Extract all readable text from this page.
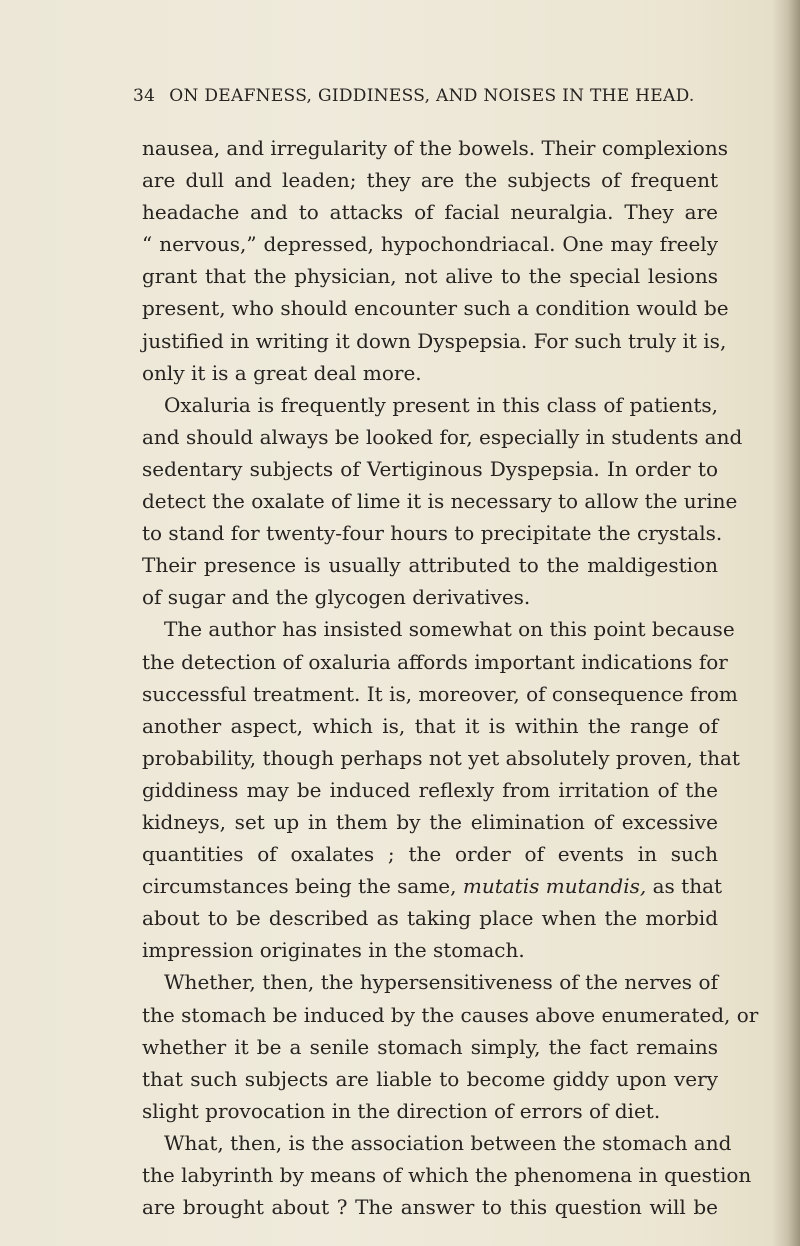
34 ON DEAFNESS, GIDDINESS, AND NOISES IN THE HEAD.
nausea, and irregularity of the bowels. Their complexions
are dull and leaden; they are the subjects of frequent
headache and to attacks of facial neuralgia. They are
“ nervous,” depressed, hypochondriacal. One may freely
grant that the physician, not alive to the special lesions
present, who should encounter such a condition would be
justified in writing it down Dyspepsia. For such truly it is,
only it is a great deal more.
Oxaluria is frequently present in this class of patients,
and should always be looked for, especially in students and
sedentary subjects of Vertiginous Dyspepsia. In order to
detect the oxalate of lime it is necessary to allow the urine
to stand for twenty-four hours to precipitate the crystals.
Their presence is usually attributed to the maldigestion
of sugar and the glycogen derivatives.
The author has insisted somewhat on this point because
the detection of oxaluria affords important indications for
successful treatment. It is, moreover, of consequence from
another aspect, which is, that it is within the range of
probability, though perhaps not yet absolutely proven, that
giddiness may be induced reflexly from irritation of the
kidneys, set up in them by the elimination of excessive
quantities of oxalates ; the order of events in such
circumstances being the same, mutatis mutandis, as that
about to be described as taking place when the morbid
impression originates in the stomach.
Whether, then, the hypersensitiveness of the nerves of
the stomach be induced by the causes above enumerated, or
whether it be a senile stomach simply, the fact remains
that such subjects are liable to become giddy upon very
slight provocation in the direction of errors of diet.
What, then, is the association between the stomach and
the labyrinth by means of which the phenomena in question
are brought about ? The answer to this question will be
